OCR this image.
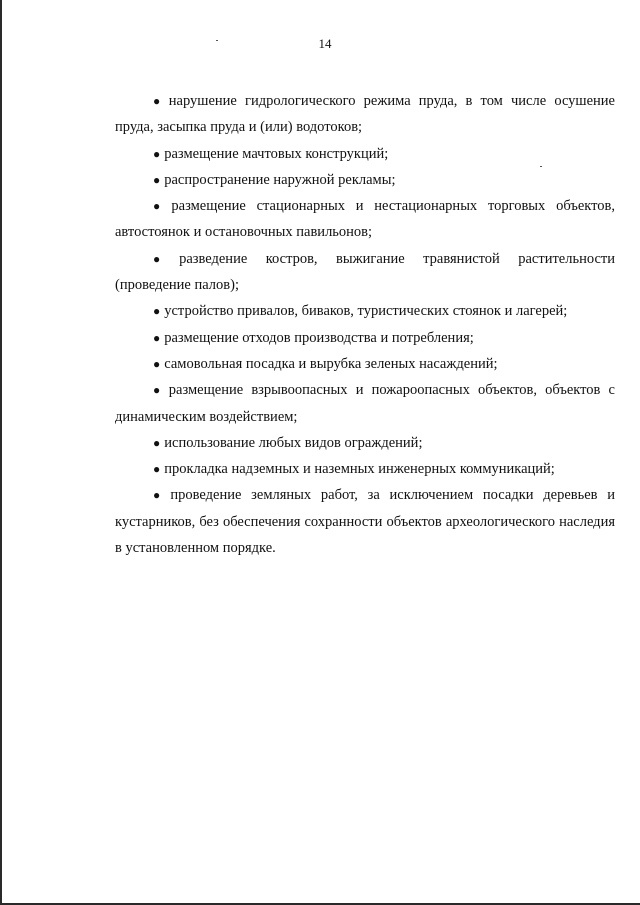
14

● нарушение гидрологического режима пруда, в том числе осушение пруда, засыпка пруда и (или) водотоков;

● размещение мачтовых конструкций;

● распространение наружной рекламы;

● размещение стационарных и нестационарных торговых объектов, автостоянок и остановочных павильонов;

● разведение костров, выжигание травянистой растительности (проведение палов);

● устройство привалов, биваков, туристических стоянок и лагерей;

● размещение отходов производства и потребления;

● самовольная посадка и вырубка зеленых насаждений;

● размещение взрывоопасных и пожароопасных объектов, объектов с динамическим воздействием;

● использование любых видов ограждений;

● прокладка надземных и наземных инженерных коммуникаций;

● проведение земляных работ, за исключением посадки деревьев и кустарников, без обеспечения сохранности объектов археологического наследия в установленном порядке.
